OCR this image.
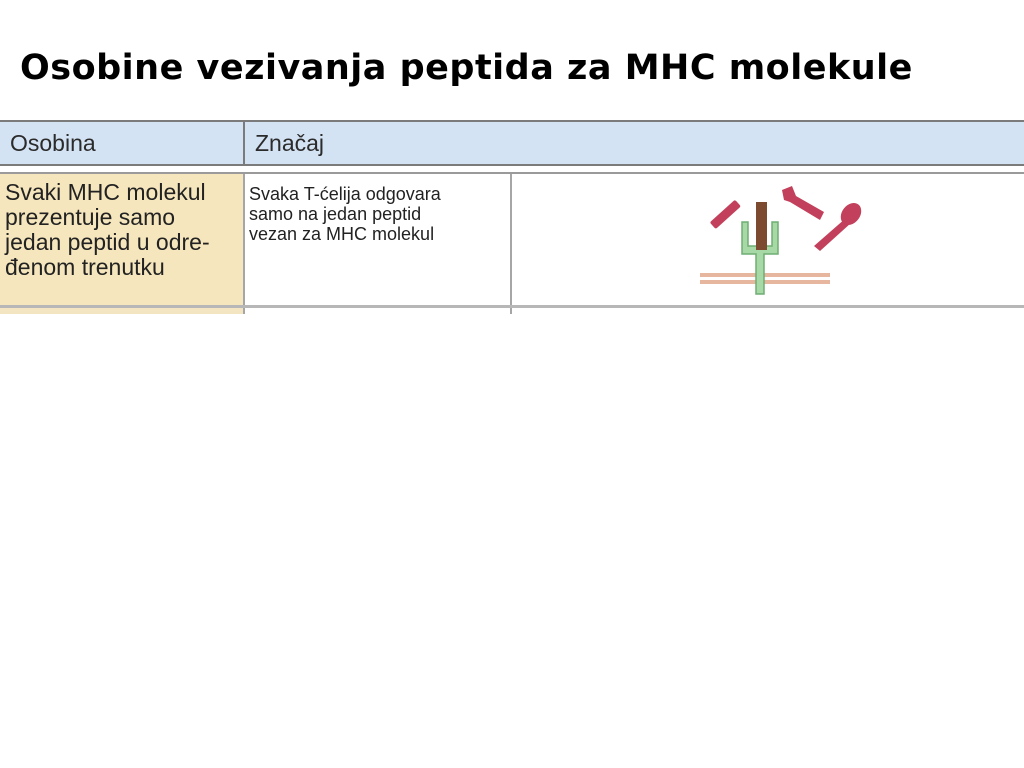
Osobine vezivanja peptida za MHC molekule
Osobina	Značaj
Svaki MHC molekul
prezentuje samo
jedan peptid u odre-
đenom trenutku
Svaka T-ćelija odgovara
samo na jedan peptid
vezan za MHC molekul
